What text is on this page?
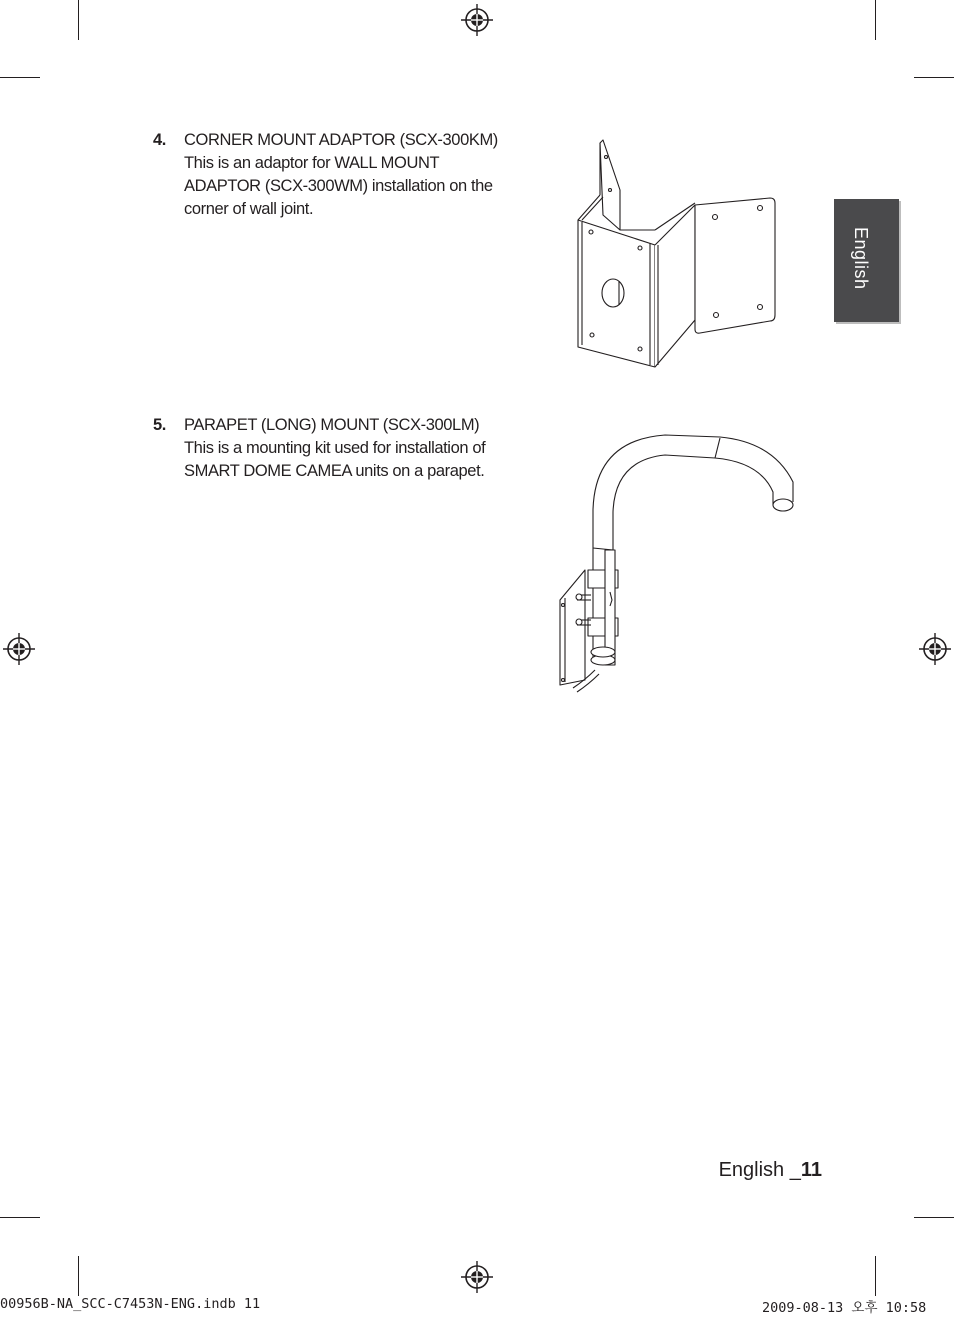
4. CORNER MOUNT ADAPTOR (SCX-300KM)
This is an adaptor for WALL MOUNT
ADAPTOR (SCX-300WM) installation on the
corner of wall joint.
5. PARAPET (LONG) MOUNT (SCX-300LM)
This is a mounting kit used for installation of
SMART DOME CAMEA units on a parapet.
English
English _11
00956B-NA_SCC-C7453N-ENG.indb 11	2009-08-13 오후 10:58
